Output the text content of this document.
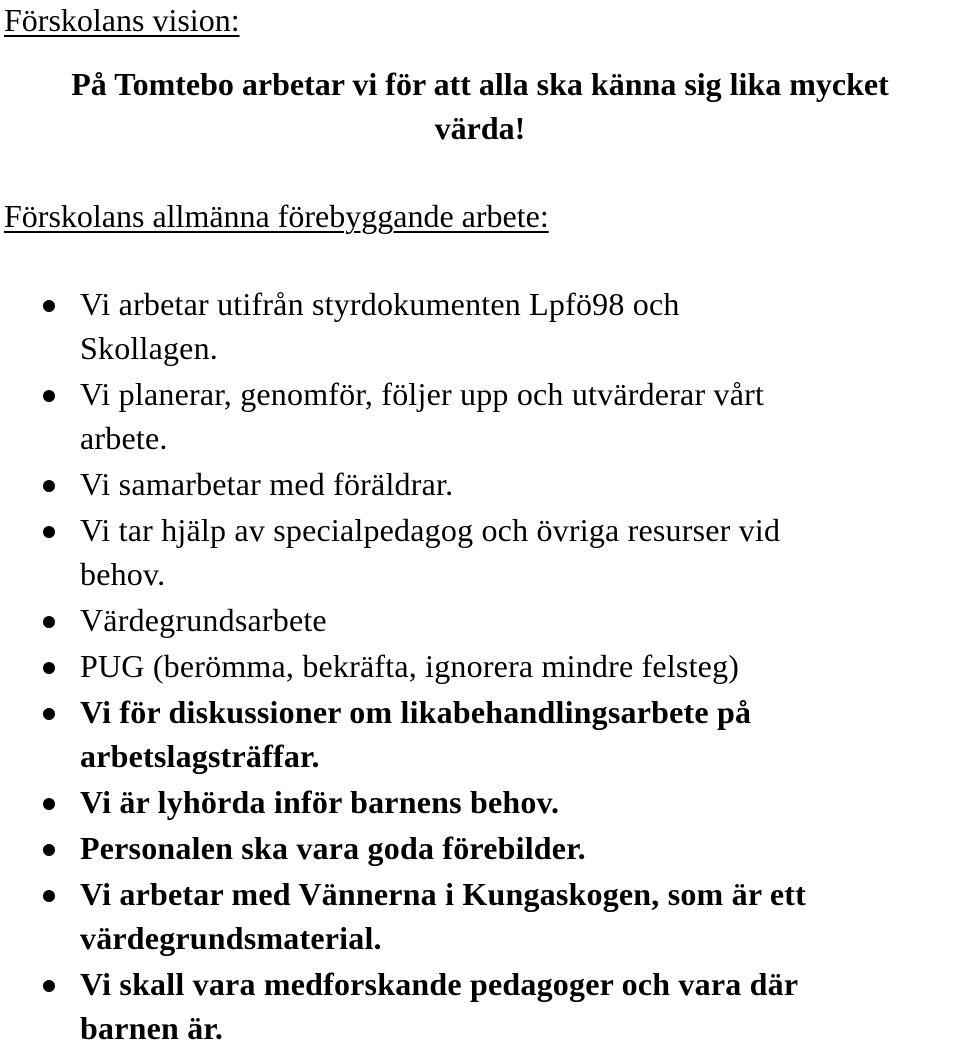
Förskolans vision:

På Tomtebo arbetar vi för att alla ska känna sig lika mycket
värda!

Förskolans allmänna förebyggande arbete:
Vi arbetar utifrån styrdokumenten Lpfö98 och
Skollagen.
Vi planerar, genomför, följer upp och utvärderar vårt
arbete.
Vi samarbetar med föräldrar.
Vi tar hjälp av specialpedagog och övriga resurser vid
behov.
Värdegrundsarbete
PUG (berömma, bekräfta, ignorera mindre felsteg)
Vi för diskussioner om likabehandlingsarbete på
arbetslagsträffar.
Vi är lyhörda inför barnens behov.
Personalen ska vara goda förebilder.
Vi arbetar med Vännerna i Kungaskogen, som är ett
värdegrundsmaterial.
Vi skall vara medforskande pedagoger och vara där
barnen är.
